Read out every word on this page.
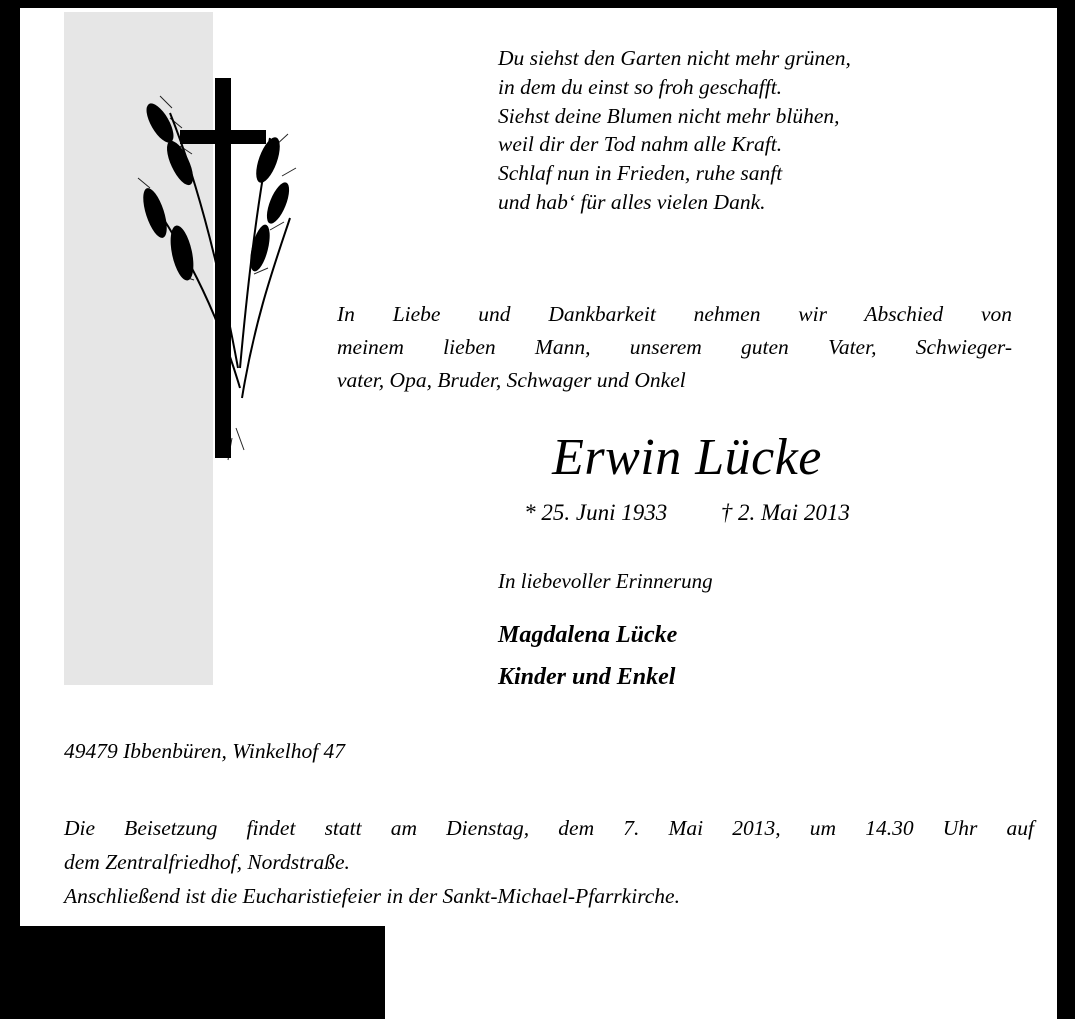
Du siehst den Garten nicht mehr grünen,
in dem du einst so froh geschafft.
Siehst deine Blumen nicht mehr blühen,
weil dir der Tod nahm alle Kraft.
Schlaf nun in Frieden, ruhe sanft
und hab‘ für alles vielen Dank.
In Liebe und Dankbarkeit nehmen wir Abschied von
meinem lieben Mann, unserem guten Vater, Schwieger-
vater, Opa, Bruder, Schwager und Onkel
Erwin Lücke
* 25. Juni 1933 † 2. Mai 2013
In liebevoller Erinnerung
Magdalena Lücke
Kinder und Enkel
49479 Ibbenbüren, Winkelhof 47
Die Beisetzung findet statt am Dienstag, dem 7. Mai 2013, um 14.30 Uhr auf
dem Zentralfriedhof, Nordstraße.
Anschließend ist die Eucharistiefeier in der Sankt-Michael-Pfarrkirche.
